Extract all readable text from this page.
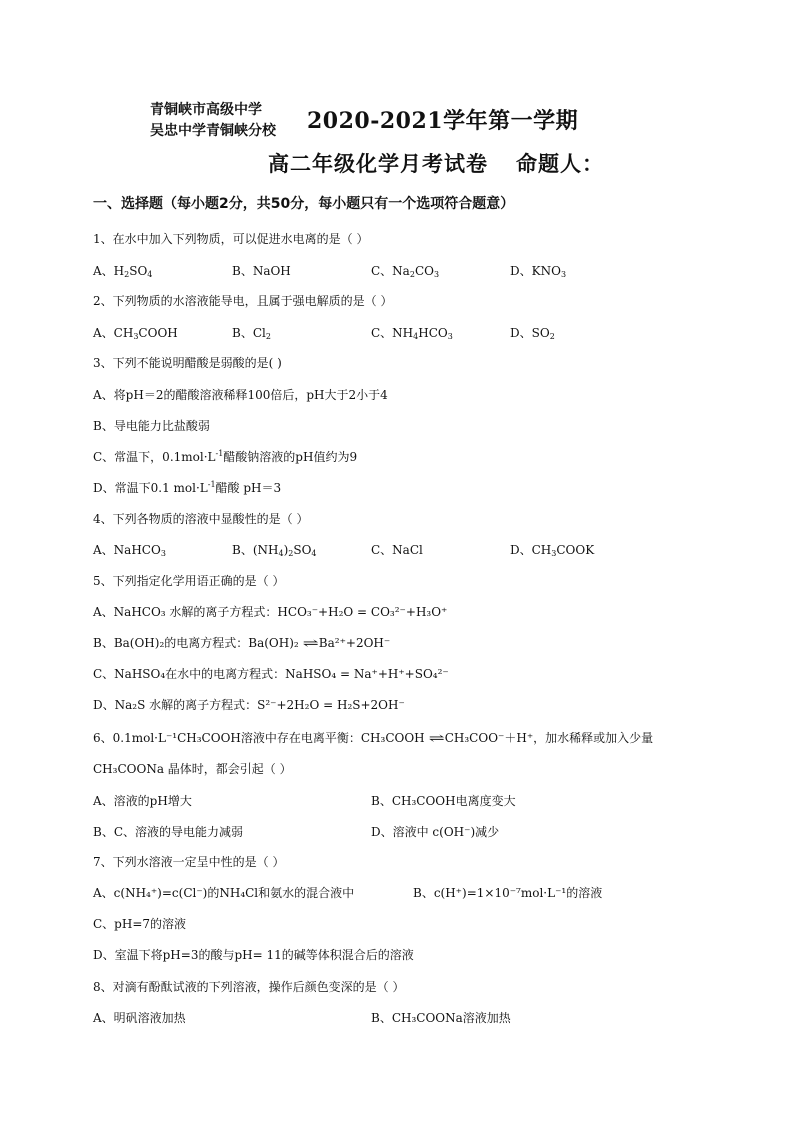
青铜峡市高级中学
吴忠中学青铜峡分校 2020-2021学年第一学期
高二年级化学月考试卷 命题人：
一、选择题（每小题2分，共50分，每小题只有一个选项符合题意）
1、在水中加入下列物质，可以促进水电离的是（ ）
A、$H_2SO_4$	B、NaOH	C、$Na_2CO_3$	D、$KNO_3$
2、下列物质的水溶液能导电，且属于强电解质的是（ ）
A、$CH_3COOH$	B、$Cl_2$	C、$NH_4HCO_3$	D、$SO_2$
3、下列不能说明醋酸是弱酸的是( )
A、将pH＝2的醋酸溶液稀释100倍后，pH大于2小于4
B、导电能力比盐酸弱
C、常温下，$0.1mol\cdot L^{-1}$醋酸钠溶液的pH值约为9
D、常温下0.1 $mol\cdot L^{-1}$醋酸 pH＝3
4、下列各物质的溶液中显酸性的是（ ）
A、NaHCO$_3$	B、$(NH_4)_2SO_4$	C、NaCl	D、$CH_3COOK$
5、下列指定化学用语正确的是（ ）
A、NaHCO₃ 水解的离子方程式：HCO₃⁻+H₂O = CO₃²⁻+H₃O⁺
B、Ba(OH)₂的电离方程式：Ba(OH)₂ ⇌ Ba²⁺+2OH⁻
C、NaHSO₄在水中的电离方程式：NaHSO₄ = Na⁺+H⁺+SO₄²⁻
D、Na₂S 水解的离子方程式：S²⁻+2H₂O = H₂S+2OH⁻
6、0.1mol·L⁻¹CH₃COOH溶液中存在电离平衡：CH₃COOH ⇌ CH₃COO⁻＋H⁺，加水稀释或加入少量
CH₃COONa 晶体时，都会引起（ ）
A、溶液的pH增大	B、CH₃COOH电离度变大
B、C、溶液的导电能力减弱	D、溶液中 c(OH⁻)减少
7、下列水溶液一定呈中性的是（ ）
A、c(NH₄⁺)=c(Cl⁻)的NH₄Cl和氨水的混合液中	B、c(H⁺)=1×10⁻⁷mol·L⁻¹的溶液
C、pH=7的溶液
D、室温下将pH=3的酸与pH= 11的碱等体积混合后的溶液
8、对滴有酚酞试液的下列溶液，操作后颜色变深的是（ ）
A、明矾溶液加热	B、CH₃COONa溶液加热
